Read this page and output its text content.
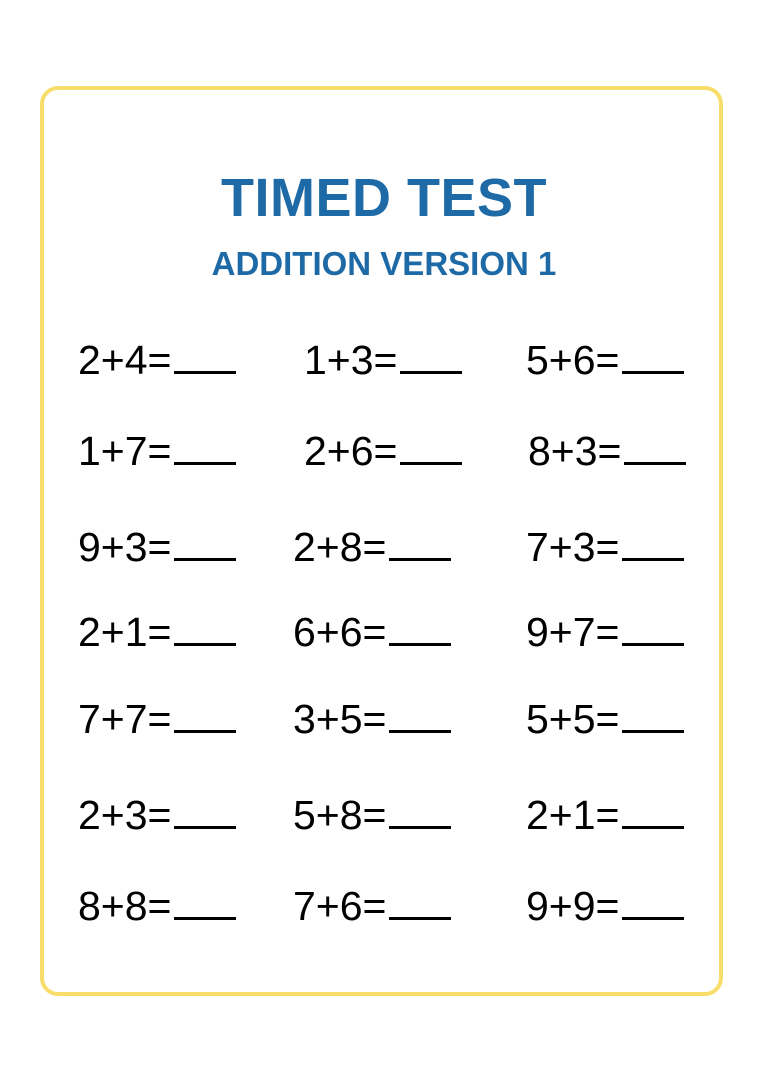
TIMED TEST
ADDITION VERSION 1
2+4=	1+3=	5+6=
1+7=	2+6=	8+3=
9+3=	2+8=	7+3=
2+1=	6+6=	9+7=
7+7=	3+5=	5+5=
2+3=	5+8=	2+1=
8+8=	7+6=	9+9=
